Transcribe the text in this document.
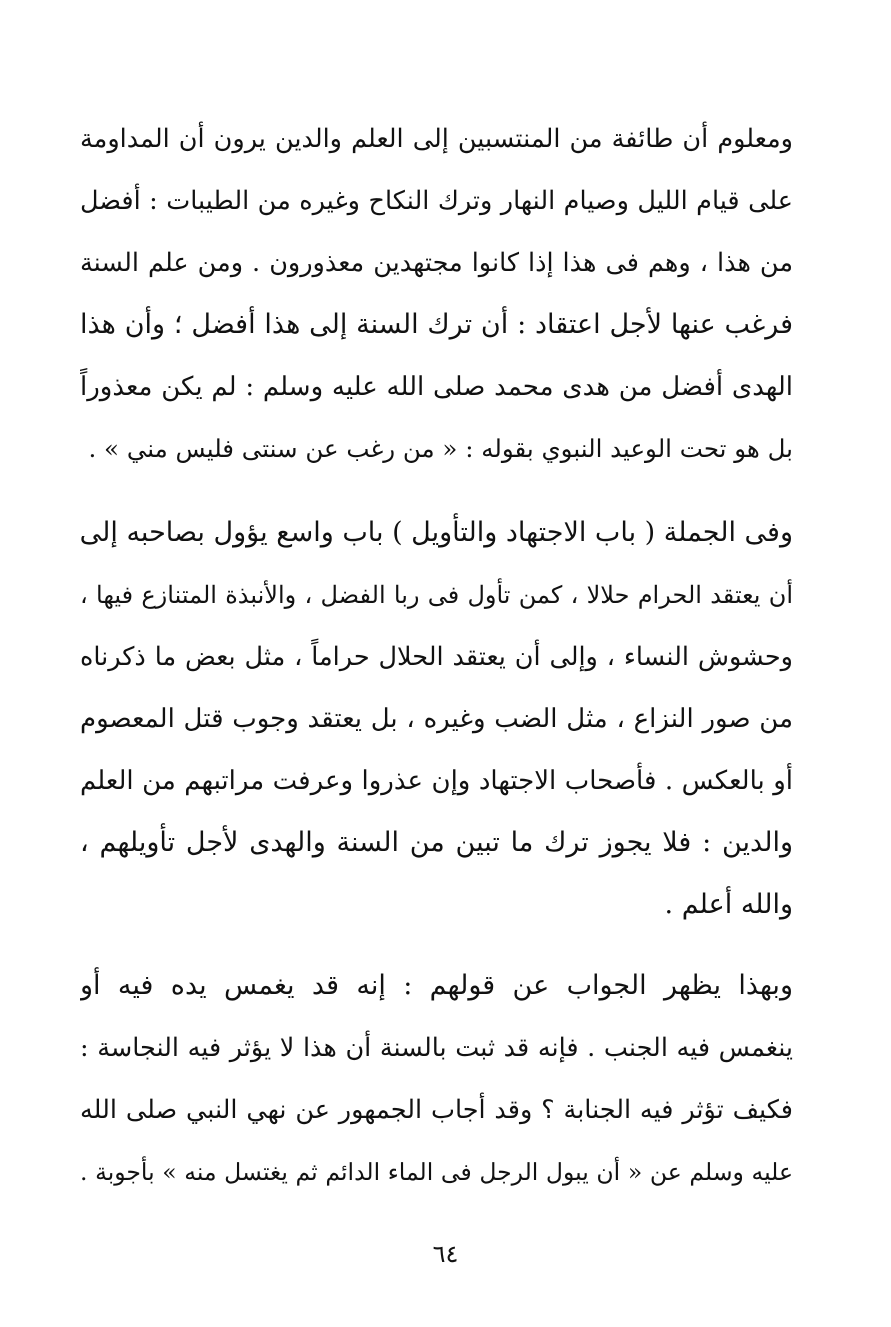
ومعلوم أن طائفة من المنتسبين إلى العلم والدين يرون أن المداومة
على قيام الليل وصيام النهار وترك النكاح وغيره من الطيبات : أفضل
من هذا ، وهم فى هذا إذا كانوا مجتهدين معذورون . ومن علم السنة
فرغب عنها لأجل اعتقاد : أن ترك السنة إلى هذا أفضل ؛ وأن هذا
الهدى أفضل من هدى محمد صلى الله عليه وسلم : لم يكن معذوراً
بل هو تحت الوعيد النبوي بقوله : « من رغب عن سنتى فليس مني » .
وفى الجملة ( باب الاجتهاد والتأويل ) باب واسع يؤول بصاحبه إلى
أن يعتقد الحرام حلالا ، كمن تأول فى ربا الفضل ، والأنبذة المتنازع فيها ،
وحشوش النساء ، وإلى أن يعتقد الحلال حراماً ، مثل بعض ما ذكرناه
من صور النزاع ، مثل الضب وغيره ، بل يعتقد وجوب قتل المعصوم
أو بالعكس . فأصحاب الاجتهاد وإن عذروا وعرفت مراتبهم من العلم
والدين : فلا يجوز ترك ما تبين من السنة والهدى لأجل تأويلهم ،
والله أعلم .
وبهذا يظهر الجواب عن قولهم : إنه قد يغمس يده فيه أو
ينغمس فيه الجنب . فإنه قد ثبت بالسنة أن هذا لا يؤثر فيه النجاسة :
فكيف تؤثر فيه الجنابة ؟ وقد أجاب الجمهور عن نهي النبي صلى الله
عليه وسلم عن « أن يبول الرجل فى الماء الدائم ثم يغتسل منه » بأجوبة .
٦٤
